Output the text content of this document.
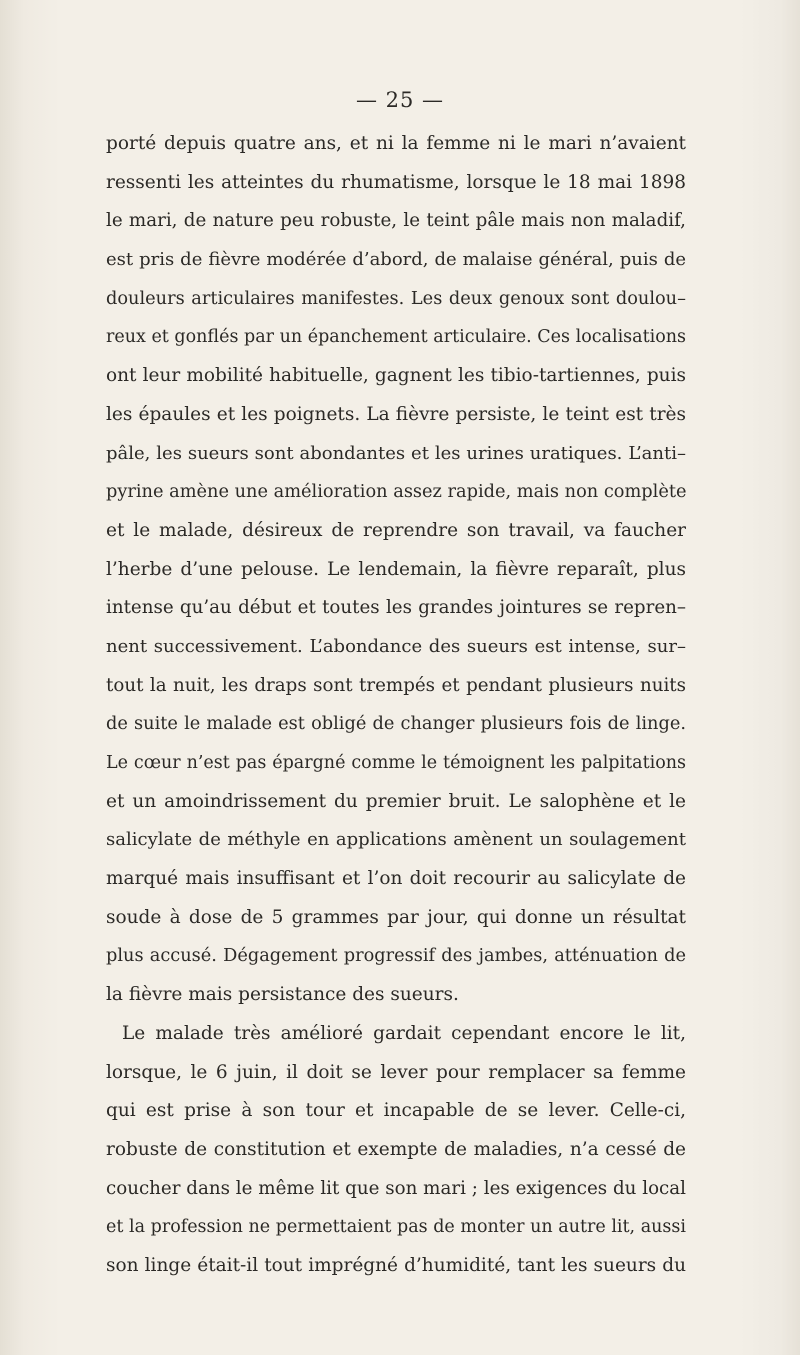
— 25 —
porté depuis quatre ans, et ni la femme ni le mari n’avaient
ressenti les atteintes du rhumatisme, lorsque le 18 mai 1898
le mari, de nature peu robuste, le teint pâle mais non maladif,
est pris de fièvre modérée d’abord, de malaise général, puis de
douleurs articulaires manifestes. Les deux genoux sont doulou–
reux et gonflés par un épanchement articulaire. Ces localisations
ont leur mobilité habituelle, gagnent les tibio-tartiennes, puis
les épaules et les poignets. La fièvre persiste, le teint est très
pâle, les sueurs sont abondantes et les urines uratiques. L’anti–
pyrine amène une amélioration assez rapide, mais non complète
et le malade, désireux de reprendre son travail, va faucher
l’herbe d’une pelouse. Le lendemain, la fièvre reparaît, plus
intense qu’au début et toutes les grandes jointures se repren–
nent successivement. L’abondance des sueurs est intense, sur–
tout la nuit, les draps sont trempés et pendant plusieurs nuits
de suite le malade est obligé de changer plusieurs fois de linge.
Le cœur n’est pas épargné comme le témoignent les palpitations
et un amoindrissement du premier bruit. Le salophène et le
salicylate de méthyle en applications amènent un soulagement
marqué mais insuffisant et l’on doit recourir au salicylate de
soude à dose de 5 grammes par jour, qui donne un résultat
plus accusé. Dégagement progressif des jambes, atténuation de
la fièvre mais persistance des sueurs.
Le malade très amélioré gardait cependant encore le lit,
lorsque, le 6 juin, il doit se lever pour remplacer sa femme
qui est prise à son tour et incapable de se lever. Celle-ci,
robuste de constitution et exempte de maladies, n’a cessé de
coucher dans le même lit que son mari ; les exigences du local
et la profession ne permettaient pas de monter un autre lit, aussi
son linge était-il tout imprégné d’humidité, tant les sueurs du
